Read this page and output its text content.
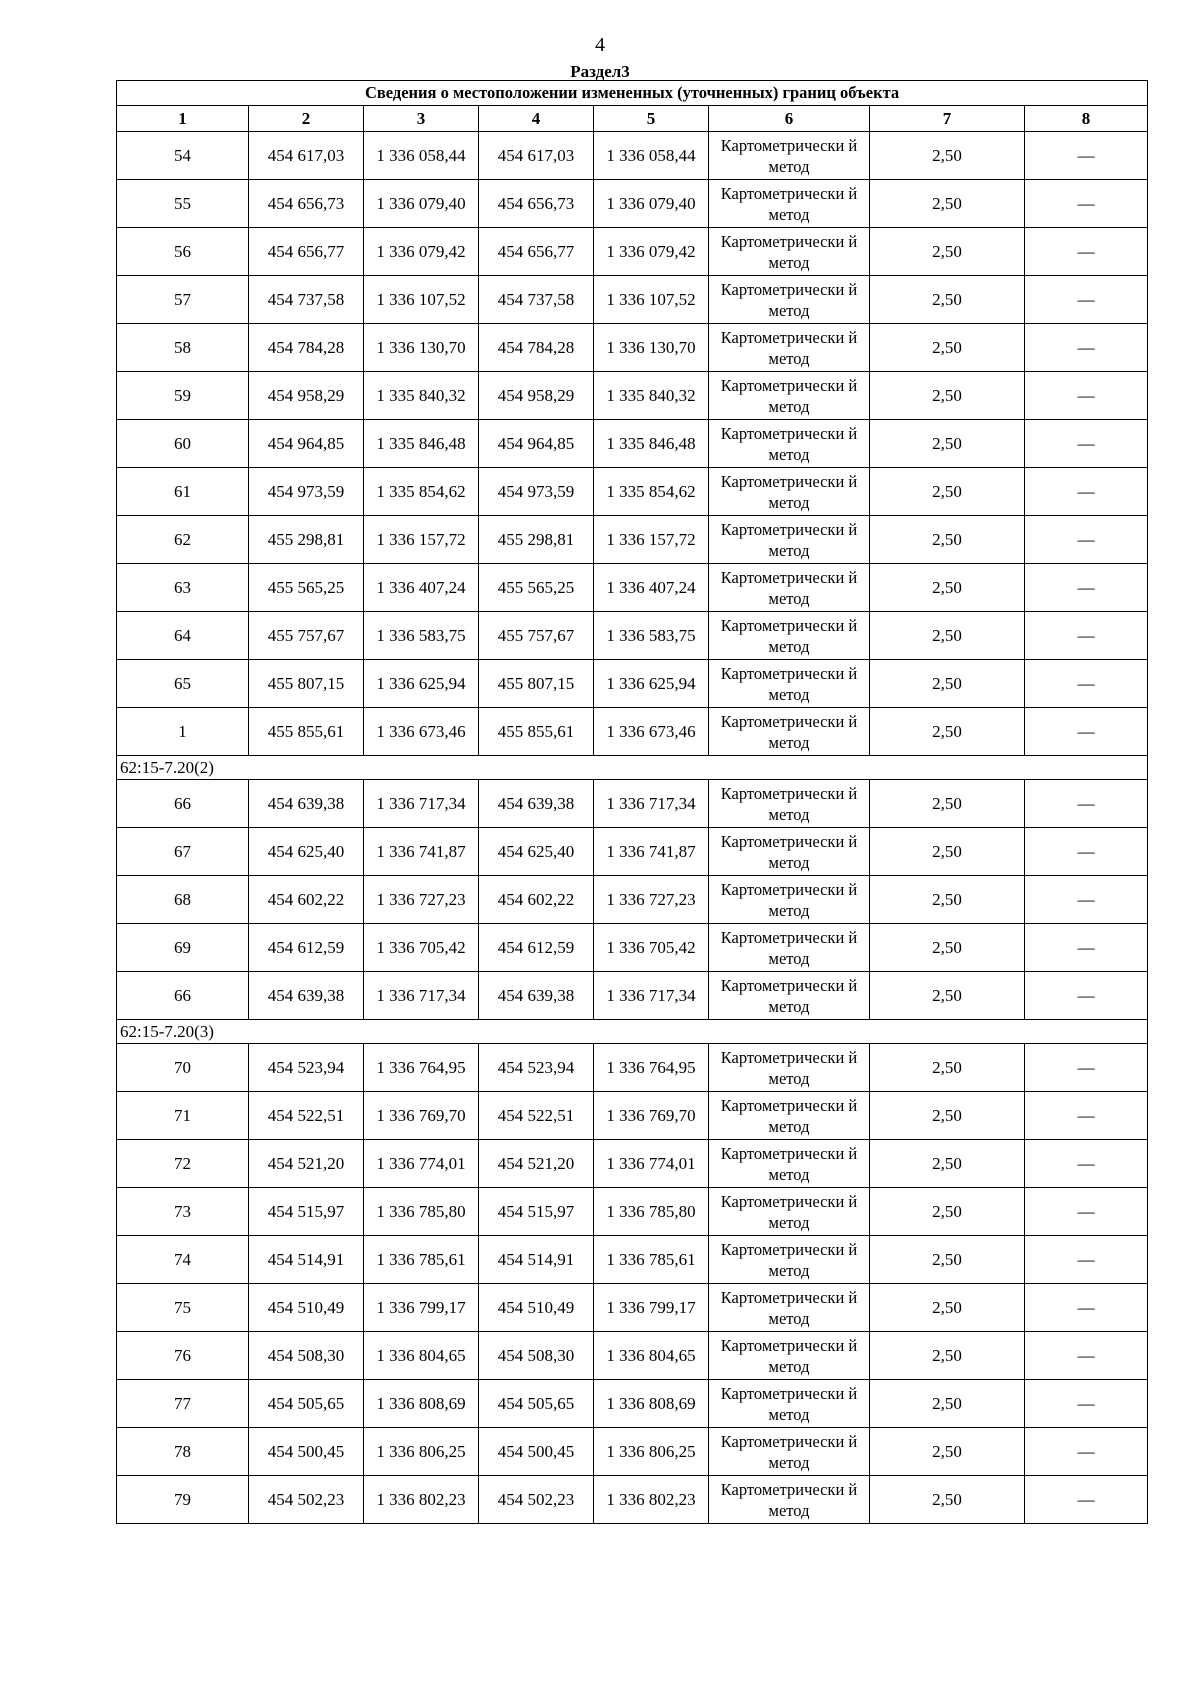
4
Раздел3
Сведения о местоположении измененных (уточненных) границ объекта							
1	2	3	4	5	6	7	8
54	454 617,03	1 336 058,44	454 617,03	1 336 058,44	Картометрически й метод	2,50	—
55	454 656,73	1 336 079,40	454 656,73	1 336 079,40	Картометрически й метод	2,50	—
56	454 656,77	1 336 079,42	454 656,77	1 336 079,42	Картометрически й метод	2,50	—
57	454 737,58	1 336 107,52	454 737,58	1 336 107,52	Картометрически й метод	2,50	—
58	454 784,28	1 336 130,70	454 784,28	1 336 130,70	Картометрически й метод	2,50	—
59	454 958,29	1 335 840,32	454 958,29	1 335 840,32	Картометрически й метод	2,50	—
60	454 964,85	1 335 846,48	454 964,85	1 335 846,48	Картометрически й метод	2,50	—
61	454 973,59	1 335 854,62	454 973,59	1 335 854,62	Картометрически й метод	2,50	—
62	455 298,81	1 336 157,72	455 298,81	1 336 157,72	Картометрически й метод	2,50	—
63	455 565,25	1 336 407,24	455 565,25	1 336 407,24	Картометрически й метод	2,50	—
64	455 757,67	1 336 583,75	455 757,67	1 336 583,75	Картометрически й метод	2,50	—
65	455 807,15	1 336 625,94	455 807,15	1 336 625,94	Картометрически й метод	2,50	—
1	455 855,61	1 336 673,46	455 855,61	1 336 673,46	Картометрически й метод	2,50	—
62:15-7.20(2)							
66	454 639,38	1 336 717,34	454 639,38	1 336 717,34	Картометрически й метод	2,50	—
67	454 625,40	1 336 741,87	454 625,40	1 336 741,87	Картометрически й метод	2,50	—
68	454 602,22	1 336 727,23	454 602,22	1 336 727,23	Картометрически й метод	2,50	—
69	454 612,59	1 336 705,42	454 612,59	1 336 705,42	Картометрически й метод	2,50	—
66	454 639,38	1 336 717,34	454 639,38	1 336 717,34	Картометрически й метод	2,50	—
62:15-7.20(3)							
70	454 523,94	1 336 764,95	454 523,94	1 336 764,95	Картометрически й метод	2,50	—
71	454 522,51	1 336 769,70	454 522,51	1 336 769,70	Картометрически й метод	2,50	—
72	454 521,20	1 336 774,01	454 521,20	1 336 774,01	Картометрически й метод	2,50	—
73	454 515,97	1 336 785,80	454 515,97	1 336 785,80	Картометрически й метод	2,50	—
74	454 514,91	1 336 785,61	454 514,91	1 336 785,61	Картометрически й метод	2,50	—
75	454 510,49	1 336 799,17	454 510,49	1 336 799,17	Картометрически й метод	2,50	—
76	454 508,30	1 336 804,65	454 508,30	1 336 804,65	Картометрически й метод	2,50	—
77	454 505,65	1 336 808,69	454 505,65	1 336 808,69	Картометрически й метод	2,50	—
78	454 500,45	1 336 806,25	454 500,45	1 336 806,25	Картометрически й метод	2,50	—
79	454 502,23	1 336 802,23	454 502,23	1 336 802,23	Картометрически й метод	2,50	—
